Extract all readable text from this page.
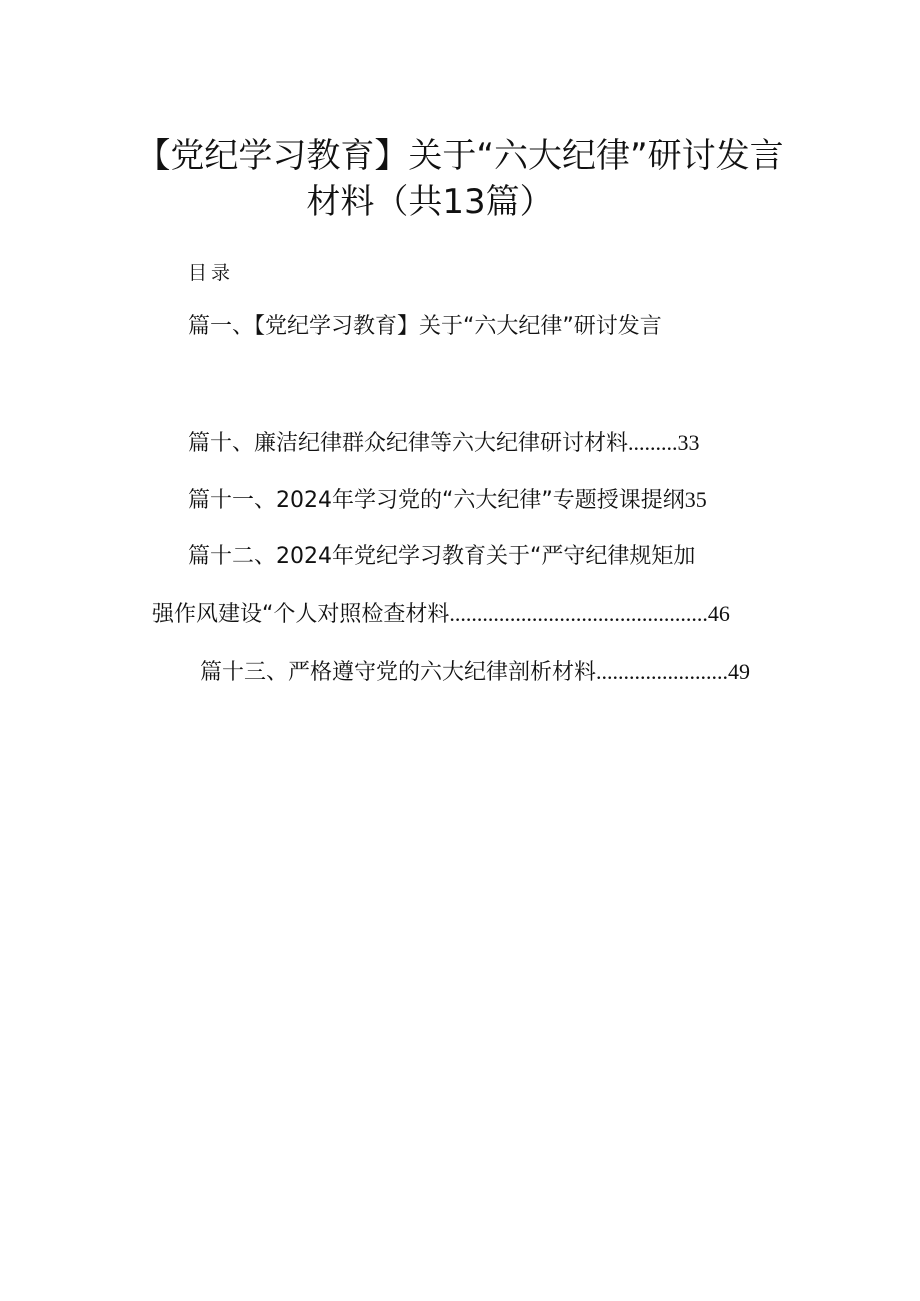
【党纪学习教育】关于“六大纪律”研讨发言
材料（共13篇）
目录
篇一、【党纪学习教育】关于“六大纪律”研讨发言
篇十、廉洁纪律群众纪律等六大纪律研讨材料 ......... 33
篇十一、2024年学习党的“六大纪律”专题授课提纲 35
篇十二、2024年党纪学习教育关于“严守纪律规矩加
强作风建设“个人对照检查材料 ............................................... 46
篇十三、严格遵守党的六大纪律剖析材料 ........................ 49
